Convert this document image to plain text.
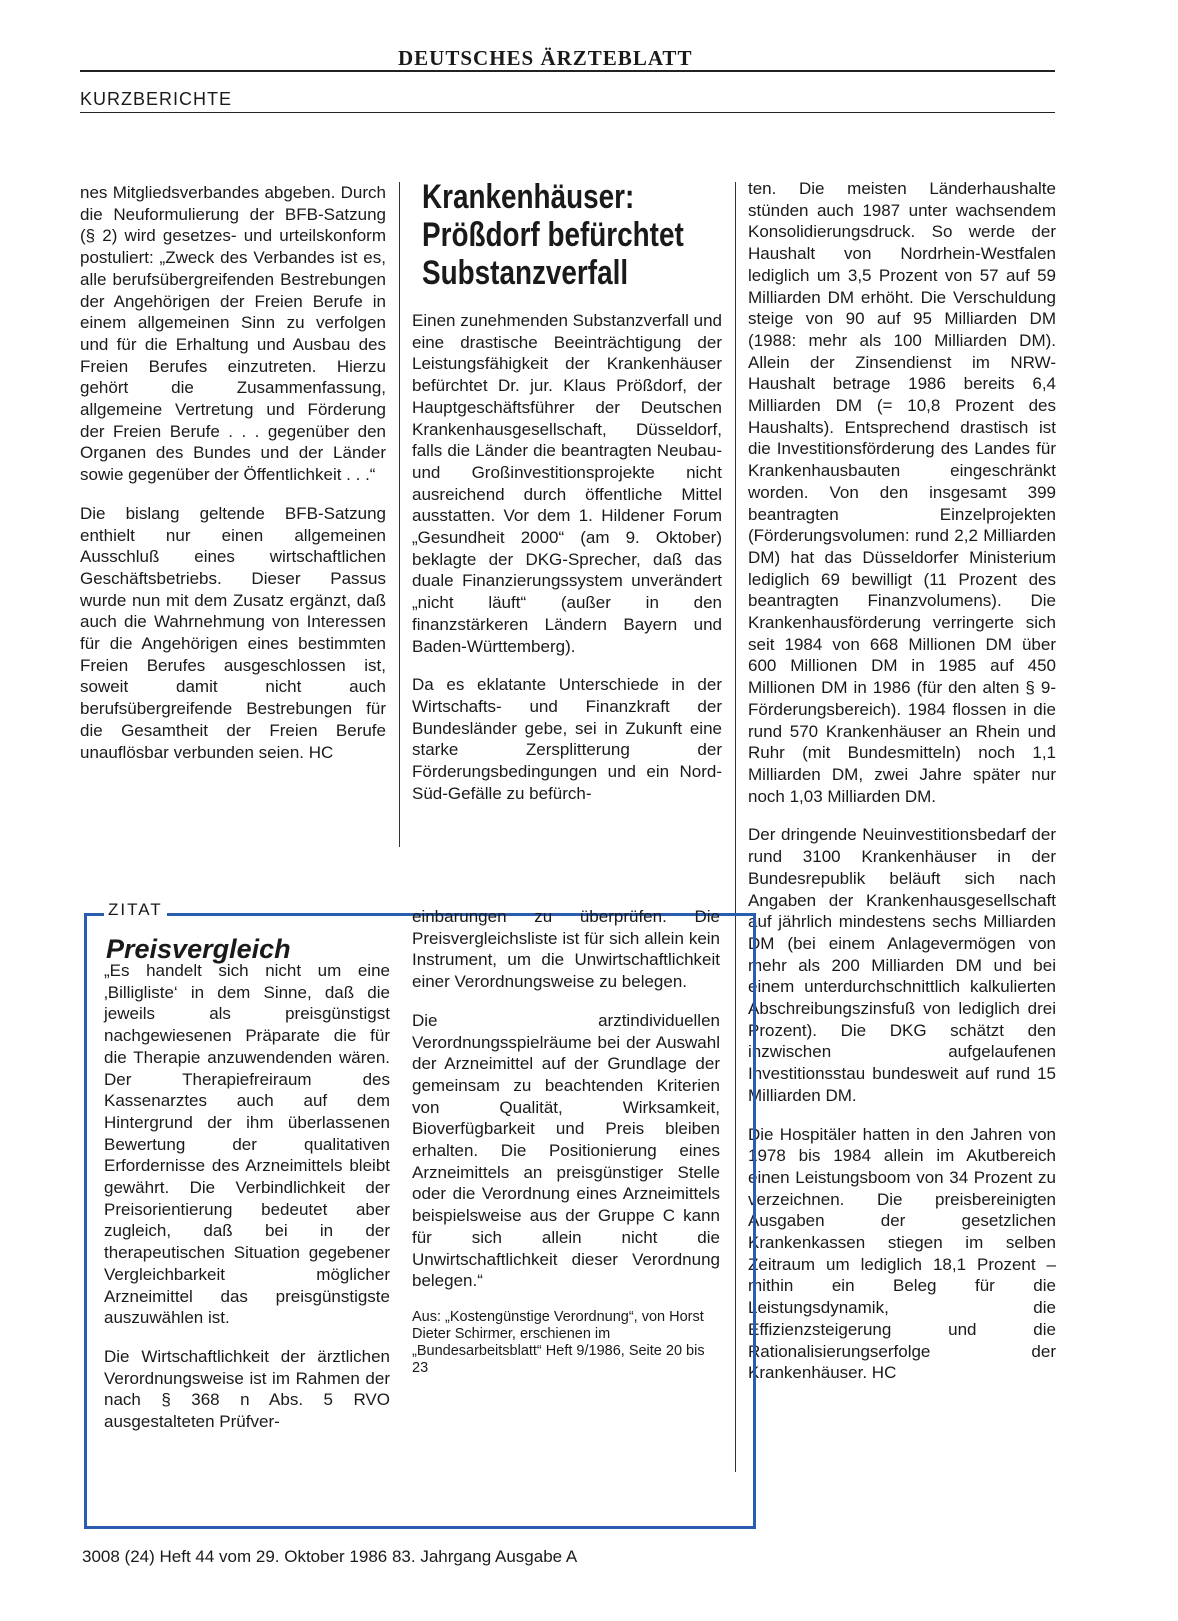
DEUTSCHES ÄRZTEBLATT
KURZBERICHTE

nes Mitgliedsverbandes abgeben. Durch die Neuformulierung der BFB-Satzung (§ 2) wird gesetzes- und urteilskonform postuliert: „Zweck des Verbandes ist es, alle berufsübergreifenden Bestrebungen der Angehörigen der Freien Berufe in einem allgemeinen Sinn zu verfolgen und für die Erhaltung und Ausbau des Freien Berufes einzutreten. Hierzu gehört die Zusammenfassung, allgemeine Vertretung und Förderung der Freien Berufe . . . gegenüber den Organen des Bundes und der Länder sowie gegenüber der Öffentlichkeit . . .“

Die bislang geltende BFB-Satzung enthielt nur einen allgemeinen Ausschluß eines wirtschaftlichen Geschäftsbetriebs. Dieser Passus wurde nun mit dem Zusatz ergänzt, daß auch die Wahrnehmung von Interessen für die Angehörigen eines bestimmten Freien Berufes ausgeschlossen ist, soweit damit nicht auch berufsübergreifende Bestrebungen für die Gesamtheit der Freien Berufe unauflösbar verbunden seien. HC

Krankenhäuser:
Prößdorf befürchtet
Substanzverfall

Einen zunehmenden Substanzverfall und eine drastische Beeinträchtigung der Leistungsfähigkeit der Krankenhäuser befürchtet Dr. jur. Klaus Prößdorf, der Hauptgeschäftsführer der Deutschen Krankenhausgesellschaft, Düsseldorf, falls die Länder die beantragten Neubau- und Großinvestitionsprojekte nicht ausreichend durch öffentliche Mittel ausstatten. Vor dem 1. Hildener Forum „Gesundheit 2000“ (am 9. Oktober) beklagte der DKG-Sprecher, daß das duale Finanzierungssystem unverändert „nicht läuft“ (außer in den finanzstärkeren Ländern Bayern und Baden-Württemberg).

Da es eklatante Unterschiede in der Wirtschafts- und Finanzkraft der Bundesländer gebe, sei in Zukunft eine starke Zersplitterung der Förderungsbedingungen und ein Nord-Süd-Gefälle zu befürch-

ten. Die meisten Länderhaushalte stünden auch 1987 unter wachsendem Konsolidierungsdruck. So werde der Haushalt von Nordrhein-Westfalen lediglich um 3,5 Prozent von 57 auf 59 Milliarden DM erhöht. Die Verschuldung steige von 90 auf 95 Milliarden DM (1988: mehr als 100 Milliarden DM). Allein der Zinsendienst im NRW-Haushalt betrage 1986 bereits 6,4 Milliarden DM (= 10,8 Prozent des Haushalts). Entsprechend drastisch ist die Investitionsförderung des Landes für Krankenhausbauten eingeschränkt worden. Von den insgesamt 399 beantragten Einzelprojekten (Förderungsvolumen: rund 2,2 Milliarden DM) hat das Düsseldorfer Ministerium lediglich 69 bewilligt (11 Prozent des beantragten Finanzvolumens). Die Krankenhausförderung verringerte sich seit 1984 von 668 Millionen DM über 600 Millionen DM in 1985 auf 450 Millionen DM in 1986 (für den alten § 9-Förderungsbereich). 1984 flossen in die rund 570 Krankenhäuser an Rhein und Ruhr (mit Bundesmitteln) noch 1,1 Milliarden DM, zwei Jahre später nur noch 1,03 Milliarden DM.

Der dringende Neuinvestitionsbedarf der rund 3100 Krankenhäuser in der Bundesrepublik beläuft sich nach Angaben der Krankenhausgesellschaft auf jährlich mindestens sechs Milliarden DM (bei einem Anlagevermögen von mehr als 200 Milliarden DM und bei einem unterdurchschnittlich kalkulierten Abschreibungszinsfuß von lediglich drei Prozent). Die DKG schätzt den inzwischen aufgelaufenen Investitionsstau bundesweit auf rund 15 Milliarden DM.

Die Hospitäler hatten in den Jahren von 1978 bis 1984 allein im Akutbereich einen Leistungsboom von 34 Prozent zu verzeichnen. Die preisbereinigten Ausgaben der gesetzlichen Krankenkassen stiegen im selben Zeitraum um lediglich 18,1 Prozent – mithin ein Beleg für die Leistungsdynamik, die Effizienzsteigerung und die Rationalisierungserfolge der Krankenhäuser. HC

ZITAT
Preisvergleich

„Es handelt sich nicht um eine ‚Billigliste‘ in dem Sinne, daß die jeweils als preisgünstigst nachgewiesenen Präparate die für die Therapie anzuwendenden wären. Der Therapiefreiraum des Kassenarztes auch auf dem Hintergrund der ihm überlassenen Bewertung der qualitativen Erfordernisse des Arzneimittels bleibt gewährt. Die Verbindlichkeit der Preisorientierung bedeutet aber zugleich, daß bei in der therapeutischen Situation gegebener Vergleichbarkeit möglicher Arzneimittel das preisgünstigste auszuwählen ist.

Die Wirtschaftlichkeit der ärztlichen Verordnungsweise ist im Rahmen der nach § 368 n Abs. 5 RVO ausgestalteten Prüfver-

einbarungen zu überprüfen. Die Preisvergleichsliste ist für sich allein kein Instrument, um die Unwirtschaftlichkeit einer Verordnungsweise zu belegen.

Die arztindividuellen Verordnungsspielräume bei der Auswahl der Arzneimittel auf der Grundlage der gemeinsam zu beachtenden Kriterien von Qualität, Wirksamkeit, Bioverfügbarkeit und Preis bleiben erhalten. Die Positionierung eines Arzneimittels an preisgünstiger Stelle oder die Verordnung eines Arzneimittels beispielsweise aus der Gruppe C kann für sich allein nicht die Unwirtschaftlichkeit dieser Verordnung belegen.“

Aus: „Kostengünstige Verordnung“, von Horst Dieter Schirmer, erschienen im „Bundesarbeitsblatt“ Heft 9/1986, Seite 20 bis 23

3008 (24) Heft 44 vom 29. Oktober 1986 83. Jahrgang Ausgabe A
